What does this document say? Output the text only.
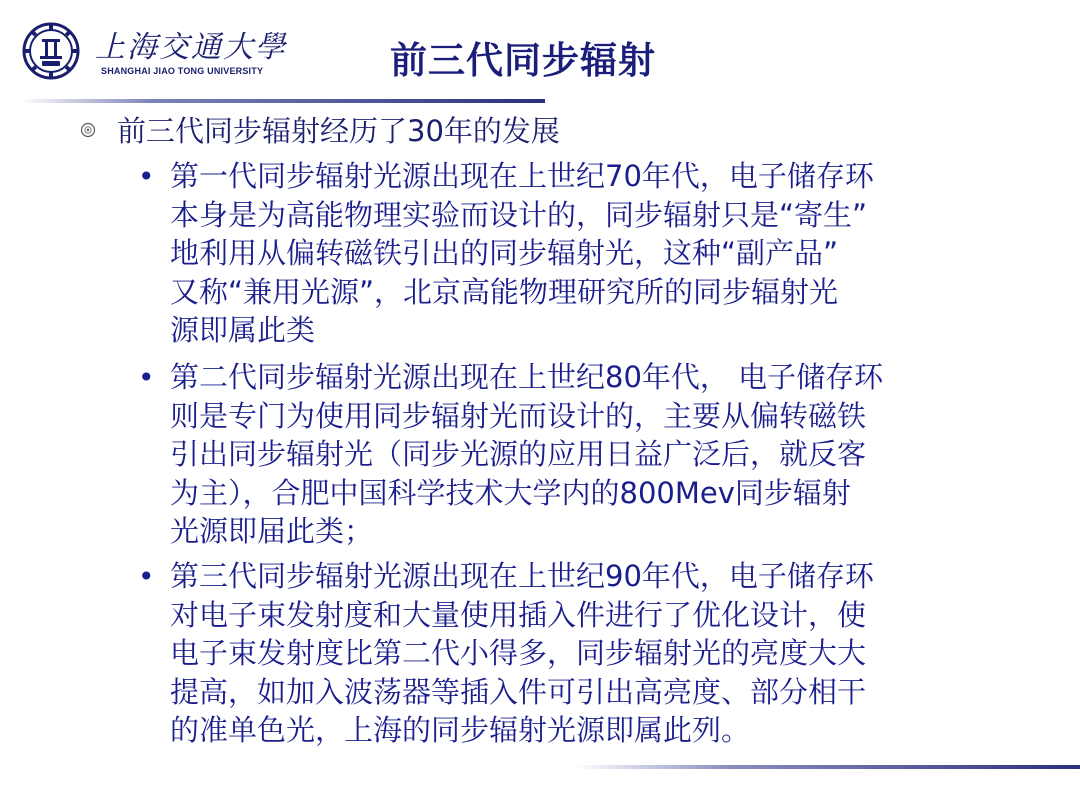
上海交通大學
SHANGHAI JIAO TONG UNIVERSITY	前三代同步辐射
前三代同步辐射经历了30年的发展
• 第一代同步辐射光源出现在上世纪70年代，电子储存环
本身是为高能物理实验而设计的，同步辐射只是“寄生”
地利用从偏转磁铁引出的同步辐射光，这种“副产品”
又称“兼用光源”，北京高能物理研究所的同步辐射光
源即属此类
• 第二代同步辐射光源出现在上世纪80年代， 电子储存环
则是专门为使用同步辐射光而设计的，主要从偏转磁铁
引出同步辐射光（同步光源的应用日益广泛后，就反客
为主），合肥中国科学技术大学内的800Mev同步辐射
光源即届此类；
• 第三代同步辐射光源出现在上世纪90年代，电子储存环
对电子束发射度和大量使用插入件进行了优化设计，使
电子束发射度比第二代小得多，同步辐射光的亮度大大
提高，如加入波荡器等插入件可引出高亮度、部分相干
的准单色光，上海的同步辐射光源即属此列。
